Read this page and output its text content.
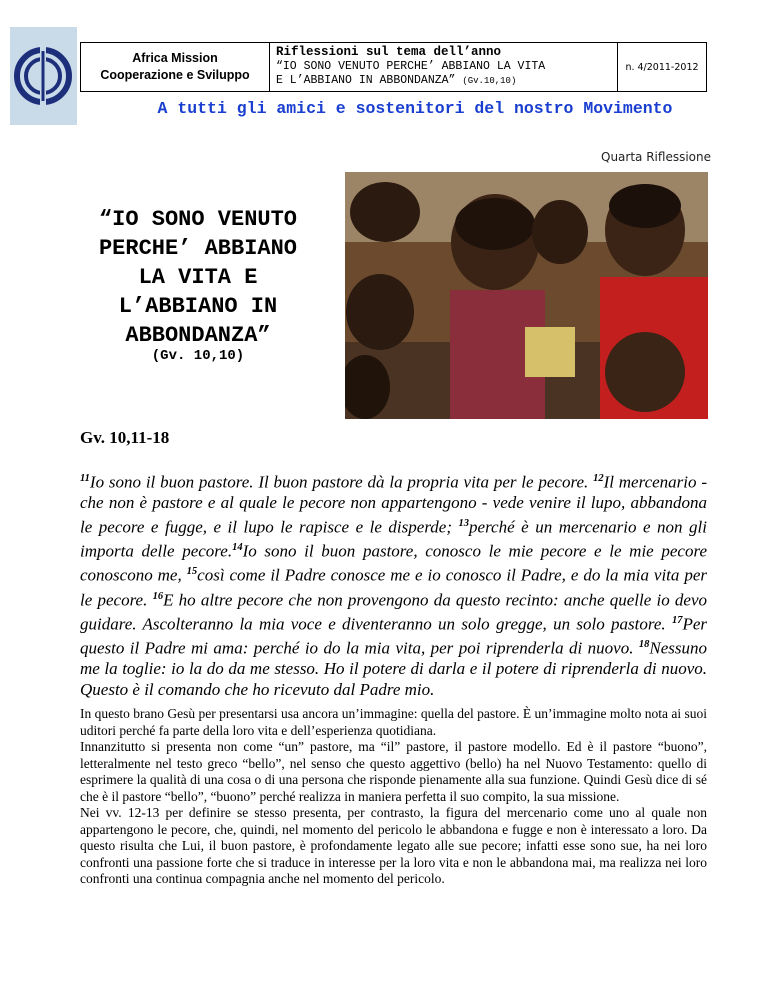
Africa Mission
Cooperazione e Sviluppo
Riflessioni sul tema dell’anno
“IO SONO VENUTO PERCHE’ ABBIANO LA VITA
E L’ABBIANO IN ABBONDANZA” (Gv.10,10)
n. 4/2011-2012
A tutti gli amici e sostenitori del nostro Movimento
Quarta Riflessione
“IO SONO VENUTO
PERCHE’ ABBIANO
LA VITA E
L’ABBIANO IN
ABBONDANZA”
(Gv. 10,10)
Gv. 10,11-18
$^{11}$Io sono il buon pastore. Il buon pastore dà la propria vita per le pecore. $^{12}$Il mercenario - che non è pastore e al quale le pecore non appartengono - vede venire il lupo, abbandona le pecore e fugge, e il lupo le rapisce e le disperde; $^{13}$perché è un mercenario e non gli importa delle pecore.$^{14}$Io sono il buon pastore, conosco le mie pecore e le mie pecore conoscono me, $^{15}$così come il Padre conosce me e io conosco il Padre, e do la mia vita per le pecore. $^{16}$E ho altre pecore che non provengono da questo recinto: anche quelle io devo guidare. Ascolteranno la mia voce e diventeranno un solo gregge, un solo pastore. $^{17}$Per questo il Padre mi ama: perché io do la mia vita, per poi riprenderla di nuovo. $^{18}$Nessuno me la toglie: io la do da me stesso. Ho il potere di darla e il potere di riprenderla di nuovo. Questo è il comando che ho ricevuto dal Padre mio.

In questo brano Gesù per presentarsi usa ancora un’immagine: quella del pastore. È un’immagine molto nota ai suoi uditori perché fa parte della loro vita e dell’esperienza quotidiana.

Innanzitutto si presenta non come “un” pastore, ma “il” pastore, il pastore modello. Ed è il pastore “buono”, letteralmente nel testo greco “bello”, nel senso che questo aggettivo (bello) ha nel Nuovo Testamento: quello di esprimere la qualità di una cosa o di una persona che risponde pienamente alla sua funzione. Quindi Gesù dice di sé che è il pastore “bello”, “buono” perché realizza in maniera perfetta il suo compito, la sua missione.

Nei vv. 12-13 per definire se stesso presenta, per contrasto, la figura del mercenario come uno al quale non appartengono le pecore, che, quindi, nel momento del pericolo le abbandona e fugge e non è interessato a loro. Da questo risulta che Lui, il buon pastore, è profondamente legato alle sue pecore; infatti esse sono sue, ha nei loro confronti una passione forte che si traduce in interesse per la loro vita e non le abbandona mai, ma realizza nei loro confronti una continua compagnia anche nel momento del pericolo.
